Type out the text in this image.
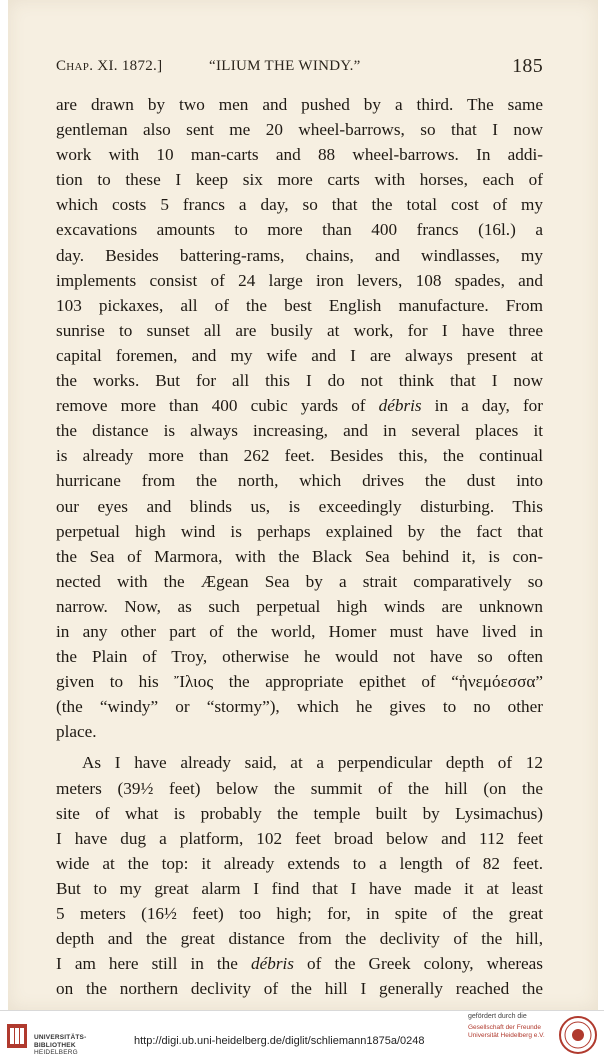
Chap. XI. 1872.]	“ILIUM THE WINDY.”	185
are drawn by two men and pushed by a third. The same
gentleman also sent me 20 wheel-barrows, so that I now
work with 10 man-carts and 88 wheel-barrows. In addi-
tion to these I keep six more carts with horses, each of
which costs 5 francs a day, so that the total cost of my
excavations amounts to more than 400 francs (16l.) a
day. Besides battering-rams, chains, and windlasses, my
implements consist of 24 large iron levers, 108 spades, and
103 pickaxes, all of the best English manufacture. From
sunrise to sunset all are busily at work, for I have three
capital foremen, and my wife and I are always present at
the works. But for all this I do not think that I now
remove more than 400 cubic yards of débris in a day, for
the distance is always increasing, and in several places it
is already more than 262 feet. Besides this, the continual
hurricane from the north, which drives the dust into
our eyes and blinds us, is exceedingly disturbing. This
perpetual high wind is perhaps explained by the fact that
the Sea of Marmora, with the Black Sea behind it, is con-
nected with the Ægean Sea by a strait comparatively so
narrow. Now, as such perpetual high winds are unknown
in any other part of the world, Homer must have lived in
the Plain of Troy, otherwise he would not have so often
given to his Ἴλιος the appropriate epithet of “ἠνεμόεσσα”
(the “windy” or “stormy”), which he gives to no other
place.
As I have already said, at a perpendicular depth of 12
meters (39½ feet) below the summit of the hill (on the
site of what is probably the temple built by Lysimachus)
I have dug a platform, 102 feet broad below and 112 feet
wide at the top: it already extends to a length of 82 feet.
But to my great alarm I find that I have made it at least
5 meters (16½ feet) too high; for, in spite of the great
depth and the great distance from the declivity of the hill,
I am here still in the débris of the Greek colony, whereas
on the northern declivity of the hill I generally reached the
UNIVERSITÄTS-
BIBLIOTHEK
HEIDELBERG
http://digi.ub.uni-heidelberg.de/diglit/schliemann1875a/0248
gefördert durch die
Gesellschaft der Freunde
Universität Heidelberg e.V.
